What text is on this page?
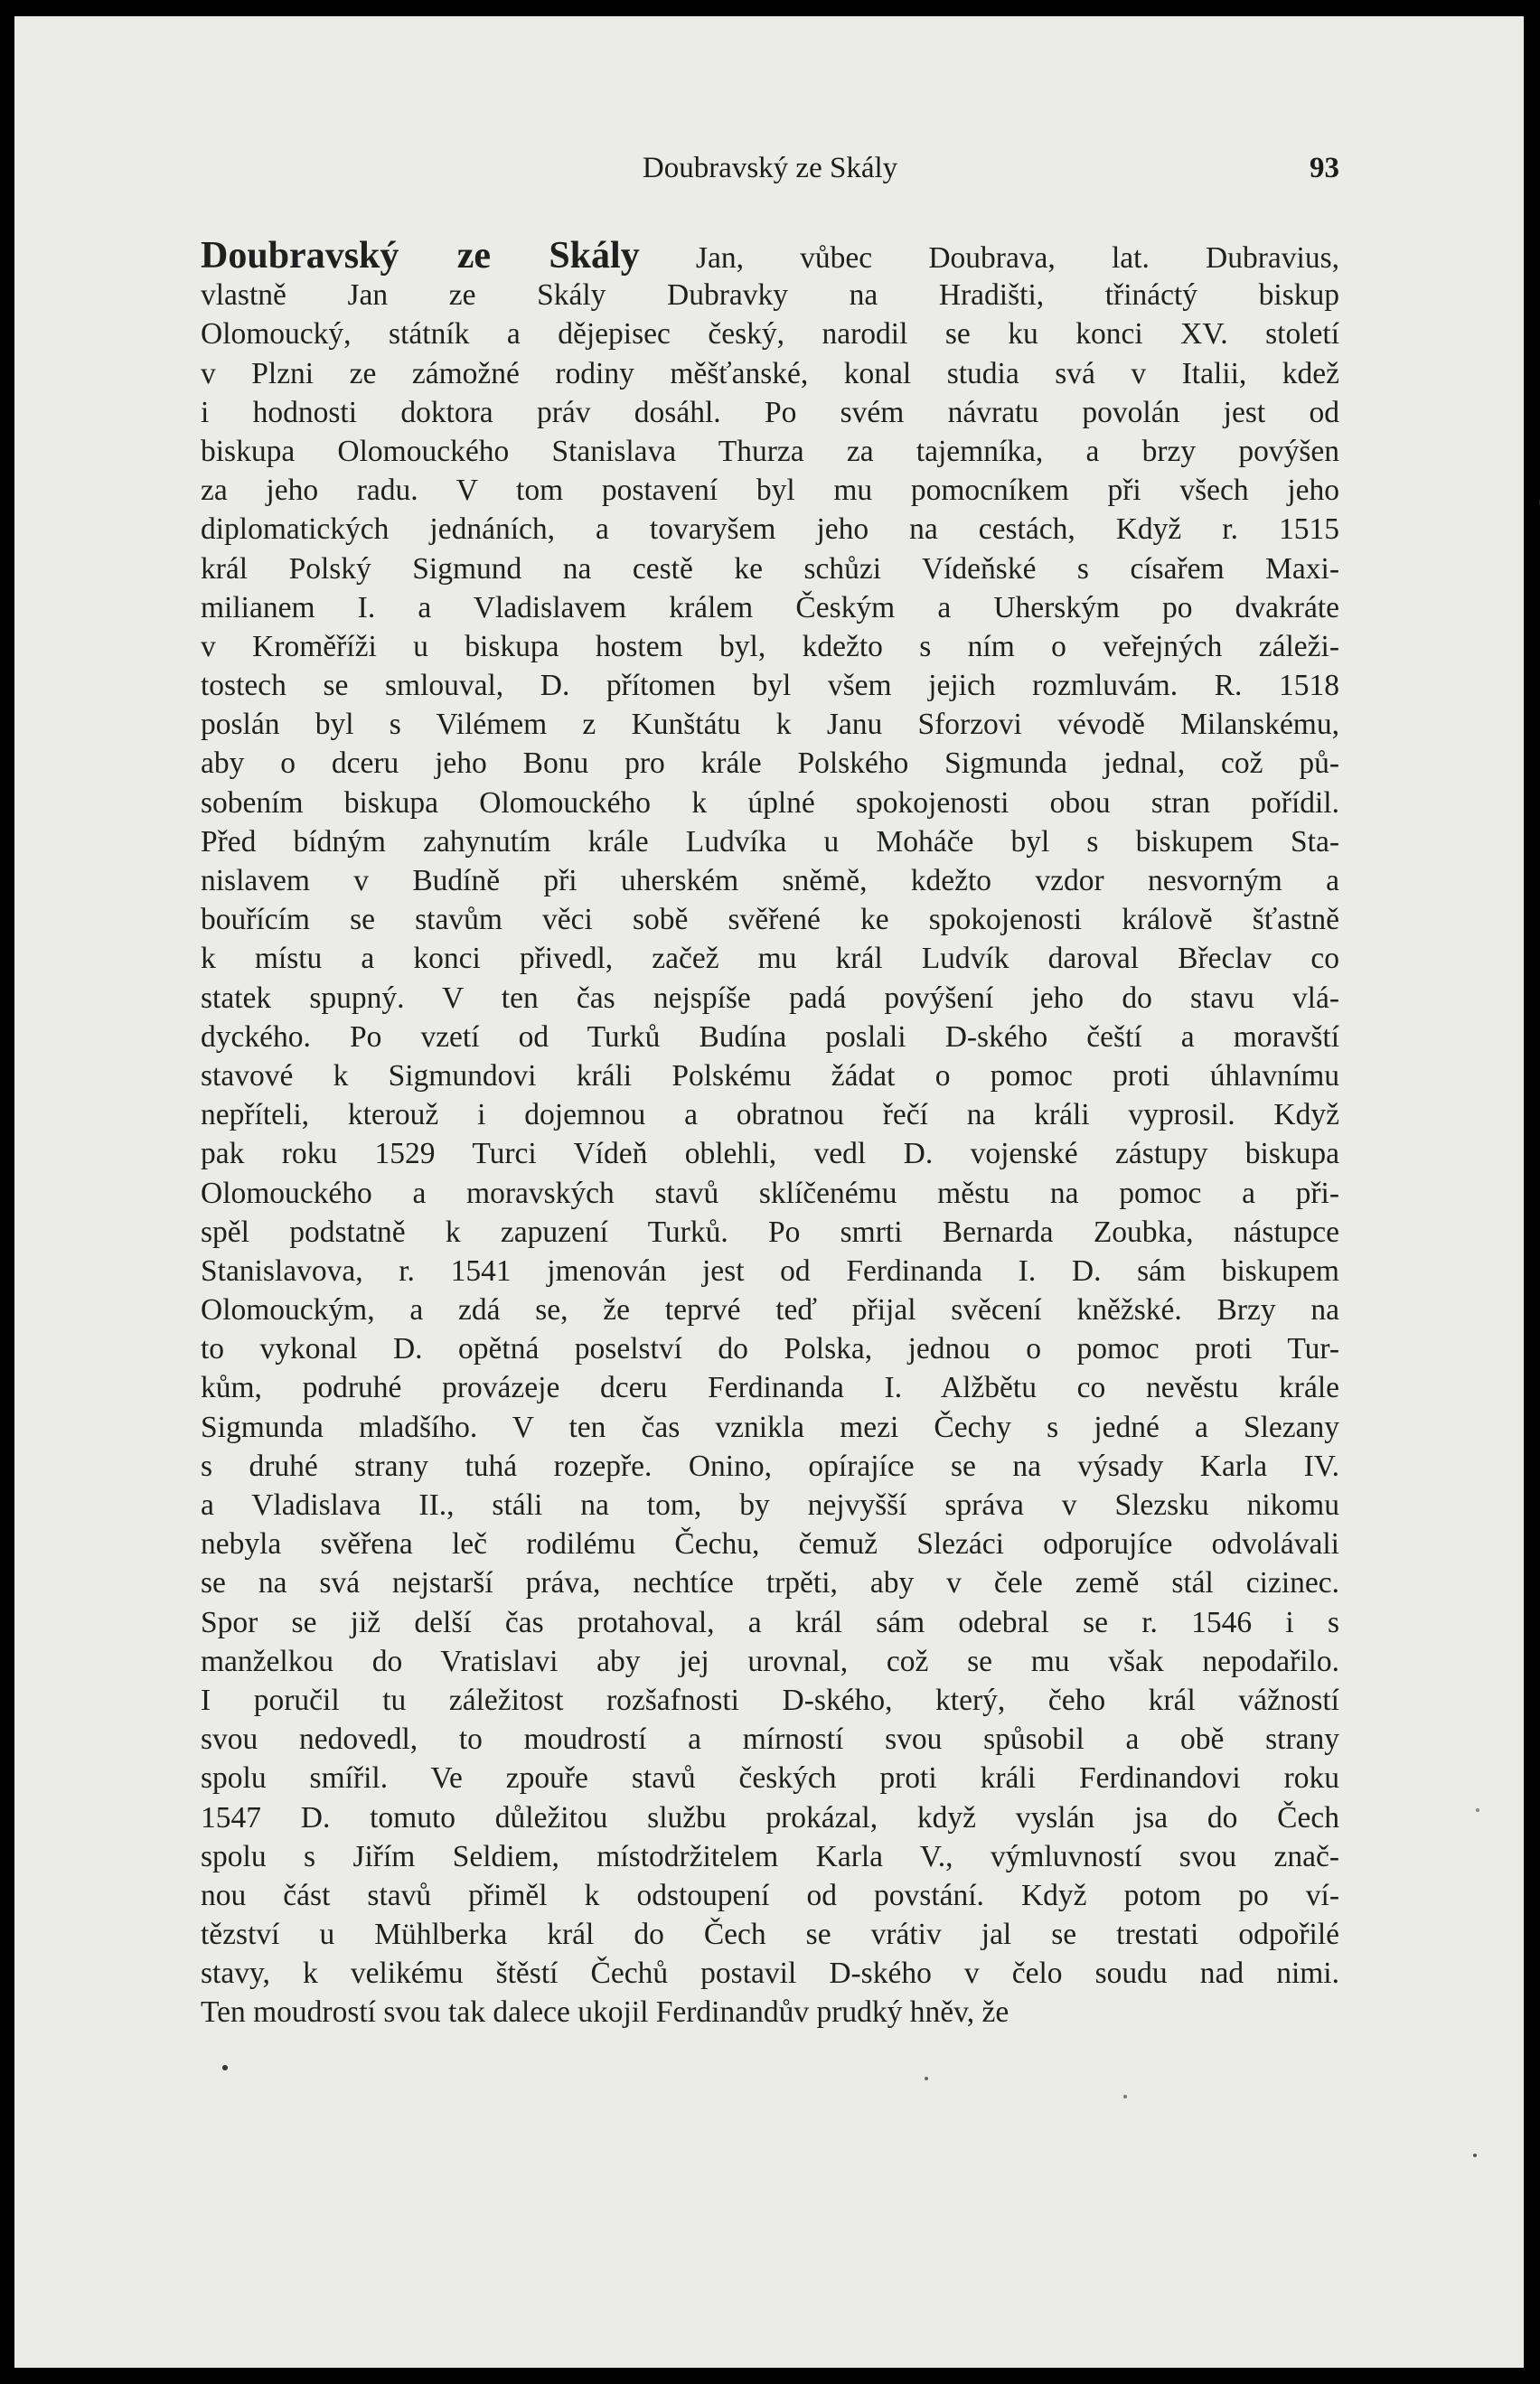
Doubravský ze Skály	93
Doubravský ze Skály Jan, vůbec Doubrava, lat. Dubravius,
vlastně Jan ze Skály Dubravky na Hradišti, třináctý biskup
Olomoucký, státník a dějepisec český, narodil se ku konci XV. století
v Plzni ze zámožné rodiny měšťanské, konal studia svá v Italii, kdež
i hodnosti doktora práv dosáhl. Po svém návratu povolán jest od
biskupa Olomouckého Stanislava Thurza za tajemníka, a brzy povýšen
za jeho radu. V tom postavení byl mu pomocníkem při všech jeho
diplomatických jednáních, a tovaryšem jeho na cestách, Když r. 1515
král Polský Sigmund na cestě ke schůzi Vídeňské s císařem Maxi-
milianem I. a Vladislavem králem Českým a Uherským po dvakráte
v Kroměříži u biskupa hostem byl, kdežto s ním o veřejných záleži-
tostech se smlouval, D. přítomen byl všem jejich rozmluvám. R. 1518
poslán byl s Vilémem z Kunštátu k Janu Sforzovi vévodě Milanskému,
aby o dceru jeho Bonu pro krále Polského Sigmunda jednal, což pů-
sobením biskupa Olomouckého k úplné spokojenosti obou stran pořídil.
Před bídným zahynutím krále Ludvíka u Moháče byl s biskupem Sta-
nislavem v Budíně při uherském sněmě, kdežto vzdor nesvorným a
bouřícím se stavům věci sobě svěřené ke spokojenosti královĕ šťastně
k místu a konci přivedl, začež mu král Ludvík daroval Břeclav co
statek spupný. V ten čas nejspíše padá povýšení jeho do stavu vlá-
dyckého. Po vzetí od Turků Budína poslali D-ského čeští a moravští
stavové k Sigmundovi králi Polskému žádat o pomoc proti úhlavnímu
nepříteli, kterouž i dojemnou a obratnou řečí na králi vyprosil. Když
pak roku 1529 Turci Vídeň oblehli, vedl D. vojenské zástupy biskupa
Olomouckého a moravských stavů sklíčenému městu na pomoc a při-
spěl podstatně k zapuzení Turků. Po smrti Bernarda Zoubka, nástupce
Stanislavova, r. 1541 jmenován jest od Ferdinanda I. D. sám biskupem
Olomouckým, a zdá se, že teprvé teď přijal svěcení kněžské. Brzy na
to vykonal D. opětná poselství do Polska, jednou o pomoc proti Tur-
kům, podruhé provázeje dceru Ferdinanda I. Alžbětu co nevěstu krále
Sigmunda mladšího. V ten čas vznikla mezi Čechy s jedné a Slezany
s druhé strany tuhá rozepře. Onino, opírajíce se na výsady Karla IV.
a Vladislava II., stáli na tom, by nejvyšší správa v Slezsku nikomu
nebyla svěřena leč rodilému Čechu, čemuž Slezáci odporujíce odvolávali
se na svá nejstarší práva, nechtíce trpěti, aby v čele země stál cizinec.
Spor se již delší čas protahoval, a král sám odebral se r. 1546 i s
manželkou do Vratislavi aby jej urovnal, což se mu však nepodařilo.
I poručil tu záležitost rozšafnosti D-ského, který, čeho král vážností
svou nedovedl, to moudrostí a mírností svou spůsobil a obě strany
spolu smířil. Ve zpouře stavů českých proti králi Ferdinandovi roku
1547 D. tomuto důležitou službu prokázal, když vyslán jsa do Čech
spolu s Jiřím Seldiem, místodržitelem Karla V., výmluvností svou znač-
nou část stavů přiměl k odstoupení od povstání. Když potom po ví-
tězství u Mühlberka král do Čech se vrátiv jal se trestati odpořilé
stavy, k velikému štěstí Čechů postavil D-ského v čelo soudu nad nimi.
Ten moudrostí svou tak dalece ukojil Ferdinandův prudký hněv, že
